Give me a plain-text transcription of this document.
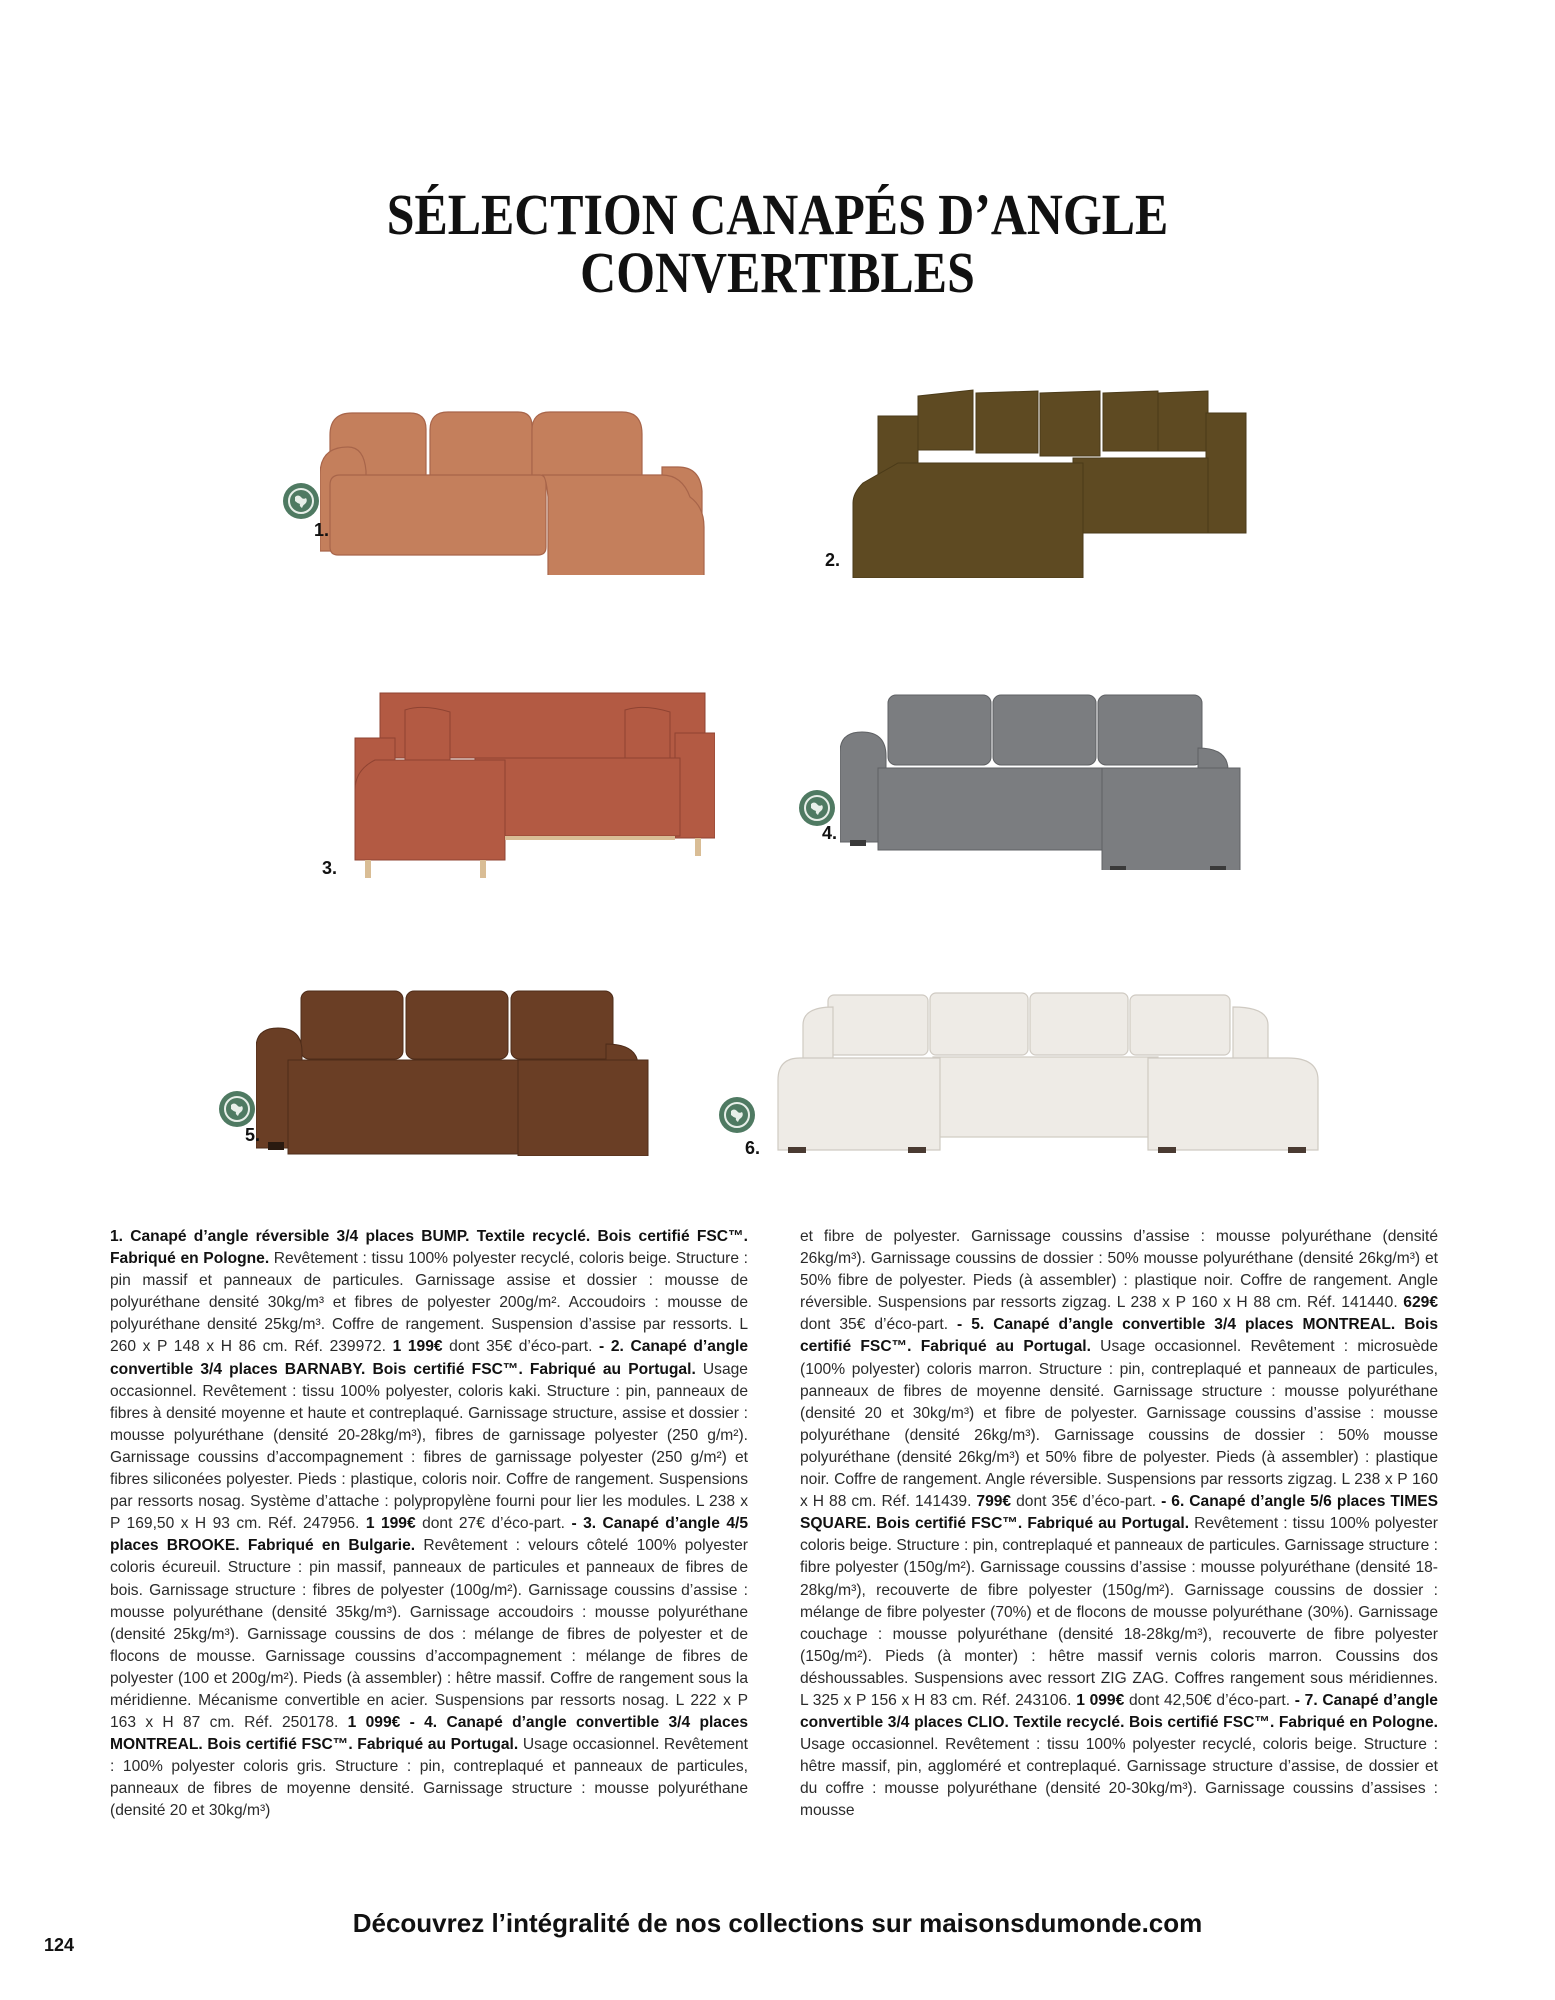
SÉLECTION CANAPÉS D’ANGLE
CONVERTIBLES
1.
2.
3.
4.
5.
6.

1. Canapé d’angle réversible 3/4 places BUMP. Textile recyclé. Bois certifié FSC™. Fabriqué en Pologne. Revêtement : tissu 100% polyester recyclé, coloris beige. Structure : pin massif et panneaux de particules. Garnissage assise et dossier : mousse de polyuréthane densité 30kg/m³ et fibres de polyester 200g/m². Accoudoirs : mousse de polyuréthane densité 25kg/m³. Coffre de rangement. Suspension d’assise par ressorts. L 260 x P 148 x H 86 cm. Réf. 239972. 1 199€ dont 35€ d’éco-part. - 2. Canapé d’angle convertible 3/4 places BARNABY. Bois certifié FSC™. Fabriqué au Portugal. Usage occasionnel. Revêtement : tissu 100% polyester, coloris kaki. Structure : pin, panneaux de fibres à densité moyenne et haute et contreplaqué. Garnissage structure, assise et dossier : mousse polyuréthane (densité 20-28kg/m³), fibres de garnissage polyester (250 g/m²). Garnissage coussins d’accompagnement : fibres de garnissage polyester (250 g/m²) et fibres siliconées polyester. Pieds : plastique, coloris noir. Coffre de rangement. Suspensions par ressorts nosag. Système d’attache : polypropylène fourni pour lier les modules. L 238 x P 169,50 x H 93 cm. Réf. 247956. 1 199€ dont 27€ d’éco-part. - 3. Canapé d’angle 4/5 places BROOKE. Fabriqué en Bulgarie. Revêtement : velours côtelé 100% polyester coloris écureuil. Structure : pin massif, panneaux de particules et panneaux de fibres de bois. Garnissage structure : fibres de polyester (100g/m²). Garnissage coussins d’assise : mousse polyuréthane (densité 35kg/m³). Garnissage accoudoirs : mousse polyuréthane (densité 25kg/m³). Garnissage coussins de dos : mélange de fibres de polyester et de flocons de mousse. Garnissage coussins d’accompagnement : mélange de fibres de polyester (100 et 200g/m²). Pieds (à assembler) : hêtre massif. Coffre de rangement sous la méridienne. Mécanisme convertible en acier. Suspensions par ressorts nosag. L 222 x P 163 x H 87 cm. Réf. 250178. 1 099€ - 4. Canapé d’angle convertible 3/4 places MONTREAL. Bois certifié FSC™. Fabriqué au Portugal. Usage occasionnel. Revêtement : 100% polyester coloris gris. Structure : pin, contreplaqué et panneaux de particules, panneaux de fibres de moyenne densité. Garnissage structure : mousse polyuréthane (densité 20 et 30kg/m³)

et fibre de polyester. Garnissage coussins d’assise : mousse polyuréthane (densité 26kg/m³). Garnissage coussins de dossier : 50% mousse polyuréthane (densité 26kg/m³) et 50% fibre de polyester. Pieds (à assembler) : plastique noir. Coffre de rangement. Angle réversible. Suspensions par ressorts zigzag. L 238 x P 160 x H 88 cm. Réf. 141440. 629€ dont 35€ d’éco-part. - 5. Canapé d’angle convertible 3/4 places MONTREAL. Bois certifié FSC™. Fabriqué au Portugal. Usage occasionnel. Revêtement : microsuède (100% polyester) coloris marron. Structure : pin, contreplaqué et panneaux de particules, panneaux de fibres de moyenne densité. Garnissage structure : mousse polyuréthane (densité 20 et 30kg/m³) et fibre de polyester. Garnissage coussins d’assise : mousse polyuréthane (densité 26kg/m³). Garnissage coussins de dossier : 50% mousse polyuréthane (densité 26kg/m³) et 50% fibre de polyester. Pieds (à assembler) : plastique noir. Coffre de rangement. Angle réversible. Suspensions par ressorts zigzag. L 238 x P 160 x H 88 cm. Réf. 141439. 799€ dont 35€ d’éco-part. - 6. Canapé d’angle 5/6 places TIMES SQUARE. Bois certifié FSC™. Fabriqué au Portugal. Revêtement : tissu 100% polyester coloris beige. Structure : pin, contreplaqué et panneaux de particules. Garnissage structure : fibre polyester (150g/m²). Garnissage coussins d’assise : mousse polyuréthane (densité 18-28kg/m³), recouverte de fibre polyester (150g/m²). Garnissage coussins de dossier : mélange de fibre polyester (70%) et de flocons de mousse polyuréthane (30%). Garnissage couchage : mousse polyuréthane (densité 18-28kg/m³), recouverte de fibre polyester (150g/m²). Pieds (à monter) : hêtre massif vernis coloris marron. Coussins dos déshoussables. Suspensions avec ressort ZIG ZAG. Coffres rangement sous méridiennes. L 325 x P 156 x H 83 cm. Réf. 243106. 1 099€ dont 42,50€ d’éco-part. - 7. Canapé d’angle convertible 3/4 places CLIO. Textile recyclé. Bois certifié FSC™. Fabriqué en Pologne. Usage occasionnel. Revêtement : tissu 100% polyester recyclé, coloris beige. Structure : hêtre massif, pin, aggloméré et contreplaqué. Garnissage structure d’assise, de dossier et du coffre : mousse polyuréthane (densité 20-30kg/m³). Garnissage coussins d’assises : mousse

Découvrez l’intégralité de nos collections sur maisonsdumonde.com
124
